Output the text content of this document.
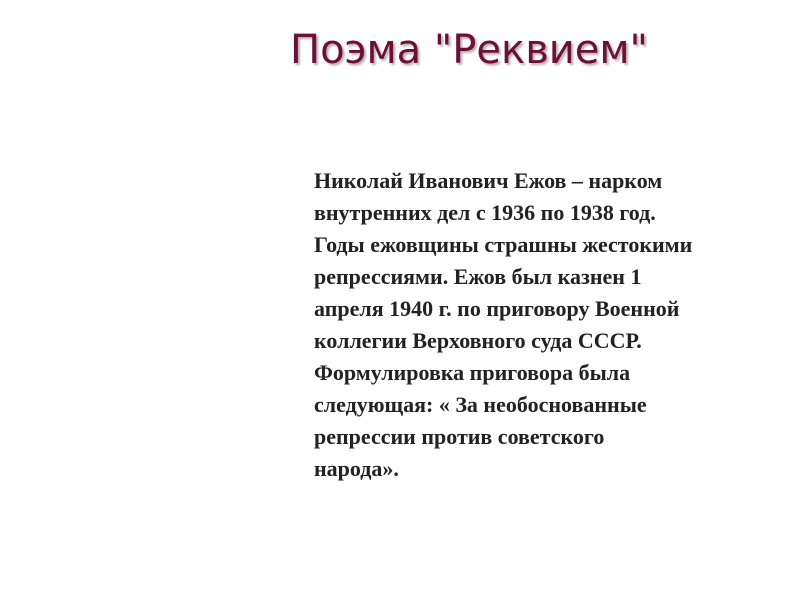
Поэма "Реквием"

Николай Иванович Ежов – нарком
внутренних дел с 1936 по 1938 год.
Годы ежовщины страшны жестокими
репрессиями. Ежов был казнен 1
апреля 1940 г. по приговору Военной
коллегии Верховного суда СССР.
Формулировка приговора была
следующая: « За необоснованные
репрессии против советского
народа».
